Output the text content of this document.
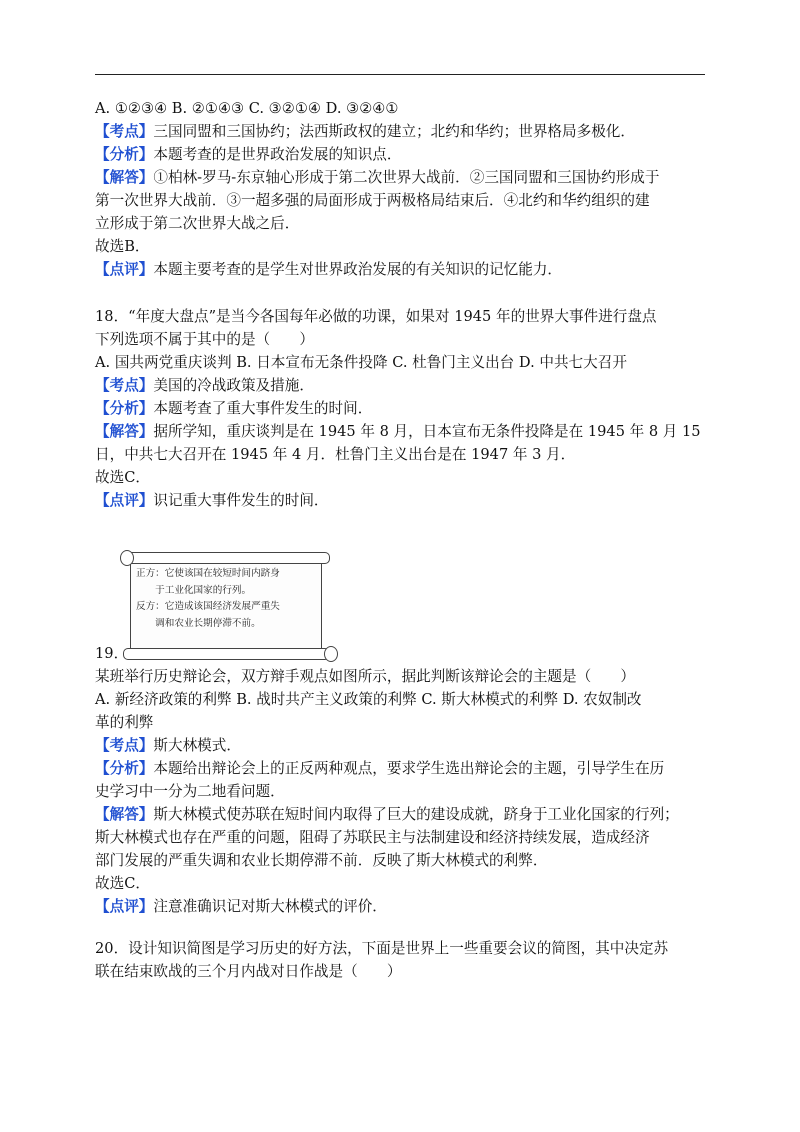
A. ①②③④ B. ②①④③ C. ③②①④ D. ③②④①
【考点】三国同盟和三国协约；法西斯政权的建立；北约和华约；世界格局多极化．
【分析】本题考查的是世界政治发展的知识点．
【解答】①柏林-罗马-东京轴心形成于第二次世界大战前．②三国同盟和三国协约形成于
第一次世界大战前．③一超多强的局面形成于两极格局结束后．④北约和华约组织的建
立形成于第二次世界大战之后．
故选B．
【点评】本题主要考查的是学生对世界政治发展的有关知识的记忆能力．
18．“年度大盘点”是当今各国每年必做的功课，如果对 1945 年的世界大事件进行盘点
下列选项不属于其中的是（　　）
A. 国共两党重庆谈判 B. 日本宣布无条件投降 C. 杜鲁门主义出台 D. 中共七大召开
【考点】美国的冷战政策及措施．
【分析】本题考查了重大事件发生的时间．
【解答】据所学知，重庆谈判是在 1945 年 8 月，日本宣布无条件投降是在 1945 年 8 月 15
日，中共七大召开在 1945 年 4 月．杜鲁门主义出台是在 1947 年 3 月．
故选C．
【点评】识记重大事件发生的时间．
正方：它使该国在较短时间内跻身
　　于工业化国家的行列。
反方：它造成该国经济发展严重失
　　调和农业长期停滞不前。
19．
某班举行历史辩论会，双方辩手观点如图所示，据此判断该辩论会的主题是（　　）
A. 新经济政策的利弊 B. 战时共产主义政策的利弊 C. 斯大林模式的利弊 D. 农奴制改
革的利弊
【考点】斯大林模式．
【分析】本题给出辩论会上的正反两种观点，要求学生选出辩论会的主题，引导学生在历
史学习中一分为二地看问题．
【解答】斯大林模式使苏联在短时间内取得了巨大的建设成就，跻身于工业化国家的行列；
斯大林模式也存在严重的问题，阻碍了苏联民主与法制建设和经济持续发展，造成经济
部门发展的严重失调和农业长期停滞不前．反映了斯大林模式的利弊．
故选C．
【点评】注意准确识记对斯大林模式的评价．
20．设计知识简图是学习历史的好方法，下面是世界上一些重要会议的简图，其中决定苏
联在结束欧战的三个月内战对日作战是（　　）
